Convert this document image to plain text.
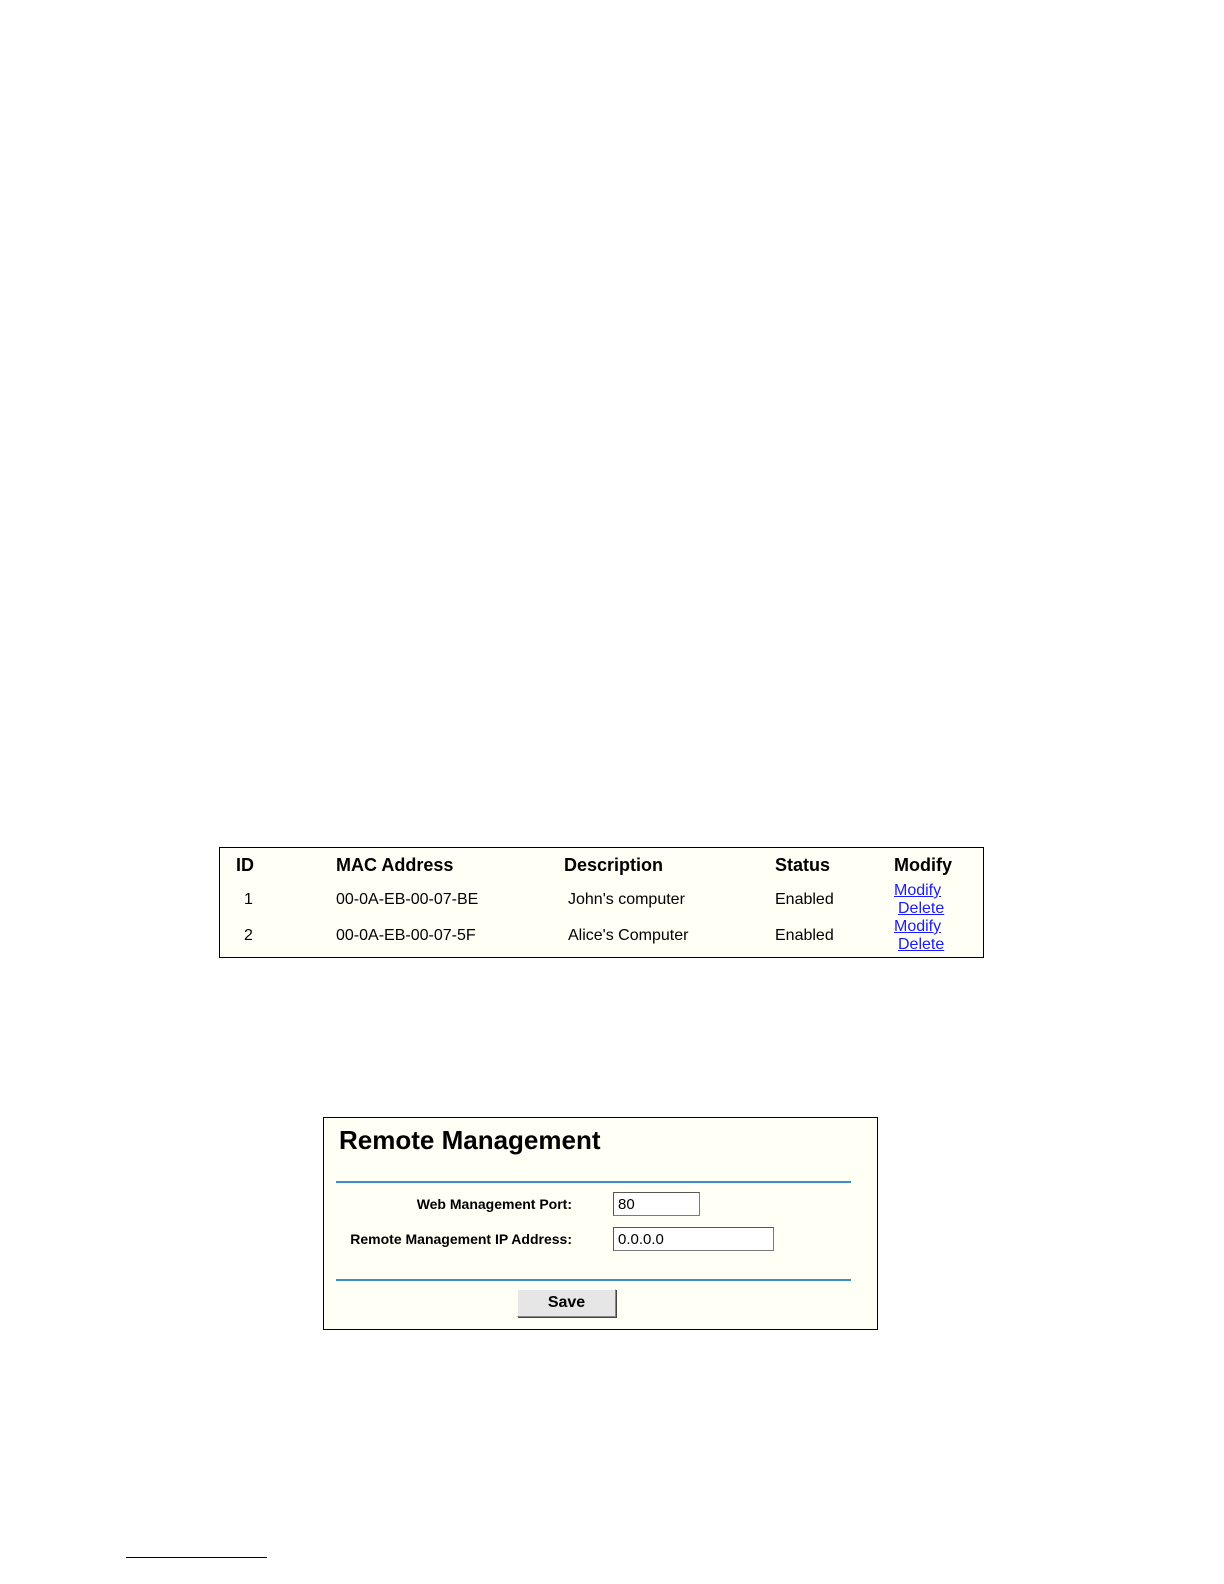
ID	MAC Address	Description	Status	Modify
1	00-0A-EB-00-07-BE	John's computer	Enabled	Modify Delete
2	00-0A-EB-00-07-5F	Alice's Computer	Enabled	Modify Delete
Remote Management
Web Management Port:
80
Remote Management IP Address:
0.0.0.0
Save
